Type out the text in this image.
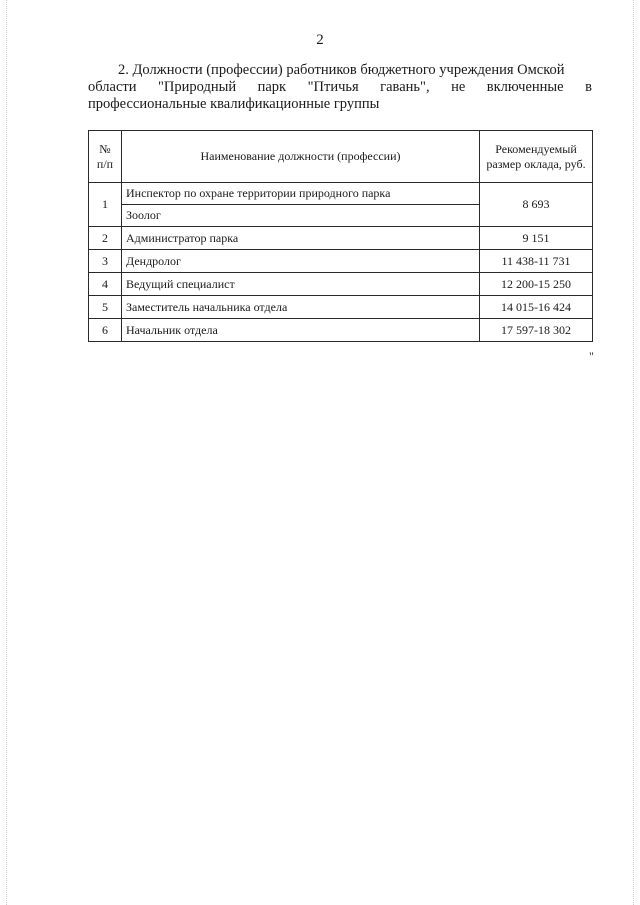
2
2. Должности (профессии) работников бюджетного учреждения Омской
области "Природный парк "Птичья гавань", не включенные в
профессиональные квалификационные группы
№ п/п	Наименование должности (профессии)	Рекомендуемый размер оклада, руб.
1	Инспектор по охране территории природного парка	8 693
	Зоолог	
2	Администратор парка	9 151
3	Дендролог	11 438-11 731
4	Ведущий специалист	12 200-15 250
5	Заместитель начальника отдела	14 015-16 424
6	Начальник отдела	17 597-18 302
"
